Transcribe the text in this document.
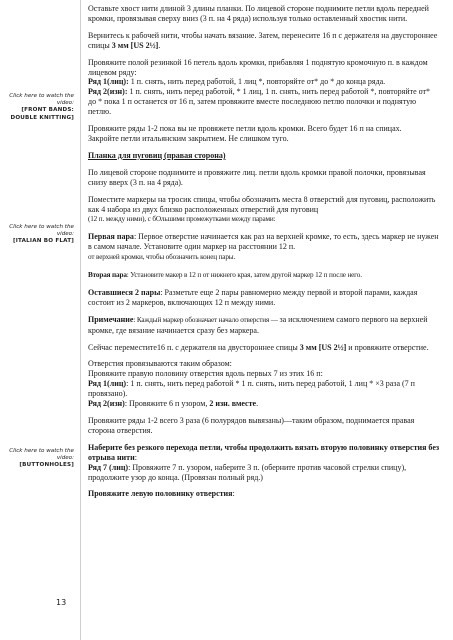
Click here to watch the video:
[FRONT BANDS: DOUBLE KNITTING]
Click here to watch the video:
[ITALIAN BO FLAT]
Click here to watch the video:
[BUTTONHOLES]

Оставьте хвост нити длиной 3 длины планки. По лицевой стороне поднимите петли вдоль передней кромки, провязывая сверху вниз (3 п. на 4 ряда) используя только оставленный хвостик нити.

Вернитесь к рабочей нити, чтобы начать вязание. Затем, перенесите 16 п с держателя на двустороннее спицы 3 мм [US 2½].

Провяжите полой резинкой 16 петель вдоль кромки, прибавляя 1 поднятую кромочную п. в каждом лицевом ряду:

Ряд 1(лиц): 1 п. снять, нить перед работой, 1 лиц *, повторяйте от* до * до конца ряда.

Ряд 2(изн): 1 п. снять, нить перед работой, * 1 лиц, 1 п. снять, нить перед работой *, повторяйте от* до * пока 1 п останется от 16 п, затем провяжите вместе последнюю петлю полочки и поднятую петлю.

Провяжите ряды 1-2 пока вы не провяжете петли вдоль кромки. Всего будет 16 п на спицах.

Закройте петли итальянским закрытием. Не слишком туго.

Планка для пуговиц (правая сторона)

По лицевой стороне поднимите и провяжите лиц. петли вдоль кромки правой полочки, провязывая снизу вверх (3 п. на 4 ряда).

Поместите маркеры на тросик спицы, чтобы обозначить места 8 отверстий для пуговиц, расположить как 4 набора из двух близко расположенных отверстий для пуговиц
(12 п. между ними), с бОльшими промежутками между парами:

Первая пара: Первое отверстие начинается как раз на верхней кромке, то есть, здесь маркер не нужен в самом начале. Установите один маркер на расстоянии 12 п.
от верхней кромки, чтобы обозначить конец пары.

Вторая пара: Установите макер в 12 п от нижнего края, затем другой маркер 12 п после него.

Оставшиеся 2 пары: Разметьте еще 2 пары равномерно между первой и второй парами, каждая состоит из 2 маркеров, включающих 12 п между ними.

Примечание: Каждый маркер обозначает начало отверстия — за исключением самого первого на верхней кромке, где вязание начинается сразу без маркера.

Сейчас переместите16 п. с держателя на двустороннее спицы 3 мм [US 2½] и провяжите отверстие.

Отверстия провязываются таким образом:

Провяжите правую половину отверстия вдоль первых 7 из этих 16 п:

Ряд 1(лиц): 1 п. снять, нить перед работой * 1 п. снять, нить перед работой, 1 лиц * ×3 раза (7 п провязано).

Ряд 2(изн): Провяжите 6 п узором, 2 изн. вместе.

Провяжите ряды 1-2 всего 3 раза (6 полурядов вывязаны)—таким образом, поднимается правая сторона отверстия.

Наберите без резкого перехода петли, чтобы продолжить вязать вторую половинку отверстия без отрыва нити:

Ряд 7 (лиц): Провяжите 7 п. узором, наберите 3 п. (оберните против часовой стрелки спицу), продолжите узор до конца. (Провязан полный ряд.)

Провяжите левую половинку отверстия:

13
